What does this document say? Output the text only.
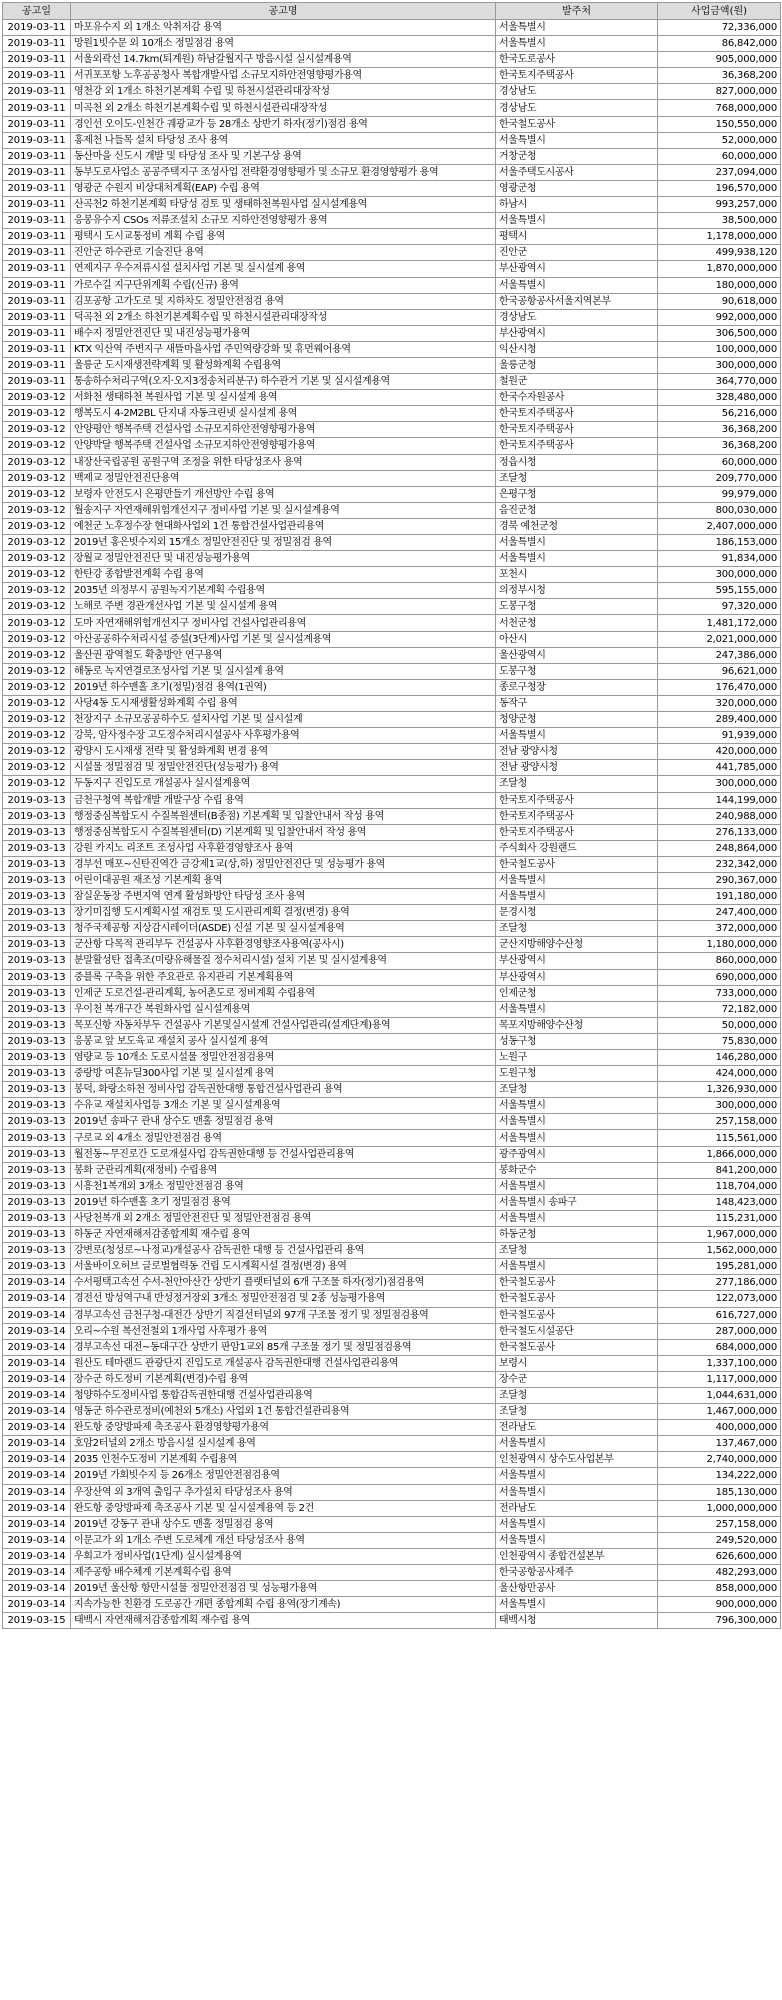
공고일	공고명	발주처	사업금액(원)
2019-03-11	마포유수지 외 1개소 악취저감 용역	서울특별시	72,336,000
2019-03-11	망원1빗수문 외 10개소 정밀점검 용역	서울특별시	86,842,000
2019-03-11	서울외곽선 14.7km(퇴계원) 하남갈월지구 방음시설 실시설계용역	한국도로공사	905,000,000
2019-03-11	서귀포포항 노후공공청사 복합개발사업 소규모지하안전영향평가용역	한국토지주택공사	36,368,200
2019-03-11	영천강 외 1개소 하천기본계획 수립 및 하천시설관리대장작성	경상남도	827,000,000
2019-03-11	미곡천 외 2개소 하천기본계획수립 및 하천시설관리대장작성	경상남도	768,000,000
2019-03-11	경인선 오이도-인천간 궤광교가 등 28개소 상반기 하자(정기)점검 용역	한국철도공사	150,550,000
2019-03-11	홍제천 나들목 설치 타당성 조사 용역	서울특별시	52,000,000
2019-03-11	동산마을 신도시 개발 및 타당성 조사 및 기본구상 용역	거창군청	60,000,000
2019-03-11	동부도로사업소 공공주택지구 조성사업 전략환경영향평가 및 소규모 환경영향평가 용역	서울주택도시공사	237,094,000
2019-03-11	영광군 수원지 비상대처계획(EAP) 수립 용역	영광군청	196,570,000
2019-03-11	산곡천2 하천기본계획 타당성 검토 및 생태하천복원사업 실시설계용역	하남시	993,257,000
2019-03-11	응봉유수지 CSOs 저류조설치 소규모 지하안전영향평가 용역	서울특별시	38,500,000
2019-03-11	평택시 도시교통정비 계획 수립 용역	평택시	1,178,000,000
2019-03-11	진안군 하수관로 기술진단 용역	진안군	499,938,120
2019-03-11	연제지구 우수저류시설 설치사업 기본 및 실시설계 용역	부산광역시	1,870,000,000
2019-03-11	가로수길 지구단위계획 수립(신규) 용역	서울특별시	180,000,000
2019-03-11	김포공항 고가도로 및 지하차도 정밀안전점검 용역	한국공항공사서울지역본부	90,618,000
2019-03-11	덕곡천 외 2개소 하천기본계획수립 및 하천시설관리대장작성	경상남도	992,000,000
2019-03-11	배수지 정밀안전진단 및 내진성능평가용역	부산광역시	306,500,000
2019-03-11	KTX 익산역 주변지구 새뜰마을사업 주민역량강화 및 휴먼웨어용역	익산시청	100,000,000
2019-03-11	울릉군 도시재생전략계획 및 활성화계획 수립용역	울릉군청	300,000,000
2019-03-11	통송하수처리구역(오지·오지3정송처리분구) 하수관거 기본 및 실시설계용역	철원군	364,770,000
2019-03-12	서화천 생태하천 복원사업 기본 및 실시설계 용역	한국수자원공사	328,480,000
2019-03-12	행복도시 4-2M2BL 단지내 자동크린넷 실시설계 용역	한국토지주택공사	56,216,000
2019-03-12	안양평안 행복주택 건설사업 소규모지하안전영향평가용역	한국토지주택공사	36,368,200
2019-03-12	안양박달 행복주택 건설사업 소규모지하안전영향평가용역	한국토지주택공사	36,368,200
2019-03-12	내장산국립공원 공원구역 조정을 위한 타당성조사 용역	정읍시청	60,000,000
2019-03-12	백제교 정밀안전진단용역	조달청	209,770,000
2019-03-12	보령자 안전도시 은평만들기 개선방안 수립 용역	은평구청	99,979,000
2019-03-12	월송지구 자연재해위험개선지구 정비사업 기본 및 실시설계용역	음진군청	800,030,000
2019-03-12	예천군 노후정수장 현대화사업외 1건 통합건설사업관리용역	경북 예천군청	2,407,000,000
2019-03-12	2019년 홍은빗수지외 15개소 정밀안전진단 및 정밀점검 용역	서울특별시	186,153,000
2019-03-12	장월교 정밀안전진단 및 내진성능평가용역	서울특별시	91,834,000
2019-03-12	한탄강 종합발전계획 수립 용역	포천시	300,000,000
2019-03-12	2035년 의정부시 공원녹지기본계획 수립용역	의정부시청	595,155,000
2019-03-12	노해로 주변 경관개선사업 기본 및 실시설계 용역	도봉구청	97,320,000
2019-03-12	도마 자연재해위험개선지구 정비사업 건설사업관리용역	서천군청	1,481,172,000
2019-03-12	아산공공하수처리시설 증설(3단계)사업 기본 및 실시설계용역	아산시	2,021,000,000
2019-03-12	울산권 광역철도 확충방안 연구용역	울산광역시	247,386,000
2019-03-12	해동로 녹지연결로조성사업 기본 및 실시설계 용역	도봉구청	96,621,000
2019-03-12	2019년 하수맨홀 초기(정밀)점검 용역(1권역)	종로구청장	176,470,000
2019-03-12	사당4동 도시재생활성화계획 수립 용역	동작구	320,000,000
2019-03-12	천장지구 소규모공공하수도 설치사업 기본 및 실시설계	청양군청	289,400,000
2019-03-12	강북, 암사정수장 고도정수처리시설공사 사후평가용역	서울특별시	91,939,000
2019-03-12	광양시 도시재생 전략 및 활성화계획 변경 용역	전남 광양시청	420,000,000
2019-03-12	시설물 정밀점검 및 정밀안전진단(성능평가) 용역	전남 광양시청	441,785,000
2019-03-12	두동지구 진입도로 개설공사 실시설계용역	조달청	300,000,000
2019-03-13	금천구청역 복합개발 개발구상 수립 용역	한국토지주택공사	144,199,000
2019-03-13	행정중심복합도시 수질복원센터(B종점) 기본계획 및 입찰안내서 작성 용역	한국토지주택공사	240,988,000
2019-03-13	행정중심복합도시 수질복원센터(D) 기본계획 및 입찰안내서 작성 용역	한국토지주택공사	276,133,000
2019-03-13	강원 카지노 리조트 조성사업 사후환경영향조사 용역	주식회사 강원랜드	248,864,000
2019-03-13	경부선 매포~신탄진역간 금강제1교(상,하) 정밀안전진단 및 성능평가 용역	한국철도공사	232,342,000
2019-03-13	어린이대공원 재조성 기본계획 용역	서울특별시	290,367,000
2019-03-13	잠실운동장 주변지역 연계 활성화방안 타당성 조사 용역	서울특별시	191,180,000
2019-03-13	장기미집행 도시계획시설 재검토 및 도시관리계획 결정(변경) 용역	문경시청	247,400,000
2019-03-13	청주국제공항 지상감시레이더(ASDE) 신설 기본 및 실시설계용역	조달청	372,000,000
2019-03-13	군산항 다목적 관리부두 건설공사 사후환경영향조사용역(공사시)	군산지방해양수산청	1,180,000,000
2019-03-13	분말활성탄 접촉조(미량유해물질 정수처리시설) 설치 기본 및 실시설계용역	부산광역시	860,000,000
2019-03-13	중블록 구축을 위한 주요관로 유지관리 기본계획용역	부산광역시	690,000,000
2019-03-13	인제군 도로건설-관리계획, 농어촌도로 정비계획 수립용역	인제군청	733,000,000
2019-03-13	우이천 복개구간 복원화사업 실시설계용역	서울특별시	72,182,000
2019-03-13	목포신항 자동차부두 건설공사 기본및실시설계 건설사업관리(설계단계)용역	목포지방해양수산청	50,000,000
2019-03-13	응봉교 앞 보도육교 재설치 공사 실시설계 용역	성동구청	75,830,000
2019-03-13	염량교 등 10개소 도로시설물 정밀안전점검용역	노원구	146,280,000
2019-03-13	중랑방 여흔뉴딜300사업 기본 및 실시설계 용역	도원구청	424,000,000
2019-03-13	봉덕, 화랑소하천 정비사업 감독권한대행 통합건설사업관리 용역	조달청	1,326,930,000
2019-03-13	수유교 재설치사업등 3개소 기본 및 실시설계용역	서울특별시	300,000,000
2019-03-13	2019년 송파구 관내 상수도 맨홀 정밀점검 용역	서울특별시	257,158,000
2019-03-13	구로교 외 4개소 정밀안전점검 용역	서울특별시	115,561,000
2019-03-13	월전동~무진로간 도로개설사업 감독권한대행 등 건설사업관리용역	광주광역시	1,866,000,000
2019-03-13	봉화 군관리계획(재정비) 수립용역	봉화군수	841,200,000
2019-03-13	시흥천1복개외 3개소 정밀안전점검 용역	서울특별시	118,704,000
2019-03-13	2019년 하수맨홀 초기 정밀점검 용역	서울특별시 송파구	148,423,000
2019-03-13	사당천복개 외 2개소 정밀안전진단 및 정밀안전점검 용역	서울특별시	115,231,000
2019-03-13	하동군 자연재해저감종합계획 재수립 용역	하동군청	1,967,000,000
2019-03-13	강변로(청성로~나정교)개설공사 감독권한 대행 등 건설사업관리 용역	조달청	1,562,000,000
2019-03-13	서울바이오허브 글로벌협력동 건립 도시계획시설 결정(변경) 용역	서울특별시	195,281,000
2019-03-14	수서평택고속선 수서-천안아산간 상반기 플랫터널외 6개 구조물 하자(정기)점검용역	한국철도공사	277,186,000
2019-03-14	경전선 방성역구내 반성정거장외 3개소 정밀안전점검 및 2종 성능평가용역	한국철도공사	122,073,000
2019-03-14	경부고속선 금천구청-대전간 상반기 직결선터널외 97개 구조물 정기 및 정밀점검용역	한국철도공사	616,727,000
2019-03-14	오리~수원 복선전철외 1개사업 사후평가 용역	한국철도시설공단	287,000,000
2019-03-14	경부고속선 대전~동대구간 상반기 판암1교외 85개 구조물 정기 및 정밀점검용역	한국철도공사	684,000,000
2019-03-14	원산도 테마랜드 관광단지 진입도로 개설공사 감독권한대행 건설사업관리용역	보령시	1,337,100,000
2019-03-14	장수군 하도정비 기본계획(변경)수립 용역	장수군	1,117,000,000
2019-03-14	청양하수도정비사업 통합감독권한대행 건설사업관리용역	조달청	1,044,631,000
2019-03-14	영동군 하수관로정비(예천외 5개소) 사업외 1건 통합건설관리용역	조달청	1,467,000,000
2019-03-14	완도항 중앙방파제 축조공사 환경영향평가용역	전라남도	400,000,000
2019-03-14	호암2터널외 2개소 방음시설 실시설계 용역	서울특별시	137,467,000
2019-03-14	2035 인천수도정비 기본계획 수립용역	인천광역시 상수도사업본부	2,740,000,000
2019-03-14	2019년 가회빗수지 등 26개소 정밀안전점검용역	서울특별시	134,222,000
2019-03-14	우장산역 외 3개역 출입구 추가설치 타당성조사 용역	서울특별시	185,130,000
2019-03-14	완도항 중앙방파제 축조공사 기본 및 실시설계용역 등 2건	전라남도	1,000,000,000
2019-03-14	2019년 강동구 관내 상수도 맨홀 정밀점검 용역	서울특별시	257,158,000
2019-03-14	이문고가 외 1개소 주변 도로체계 개선 타당성조사 용역	서울특별시	249,520,000
2019-03-14	우회고가 정비사업(1단계) 실시설계용역	인천광역시 종합건설본부	626,600,000
2019-03-14	제주공항 배수체계 기본계획수립 용역	한국공항공사제주	482,293,000
2019-03-14	2019년 울산항 항만시설물 정밀안전점검 및 성능평가용역	울산항만공사	858,000,000
2019-03-14	지속가능한 친환경 도로공간 개편 종합계획 수립 용역(장기계속)	서울특별시	900,000,000
2019-03-15	태백시 자연재해저감종합계획 재수립 용역	태백시청	796,300,000
